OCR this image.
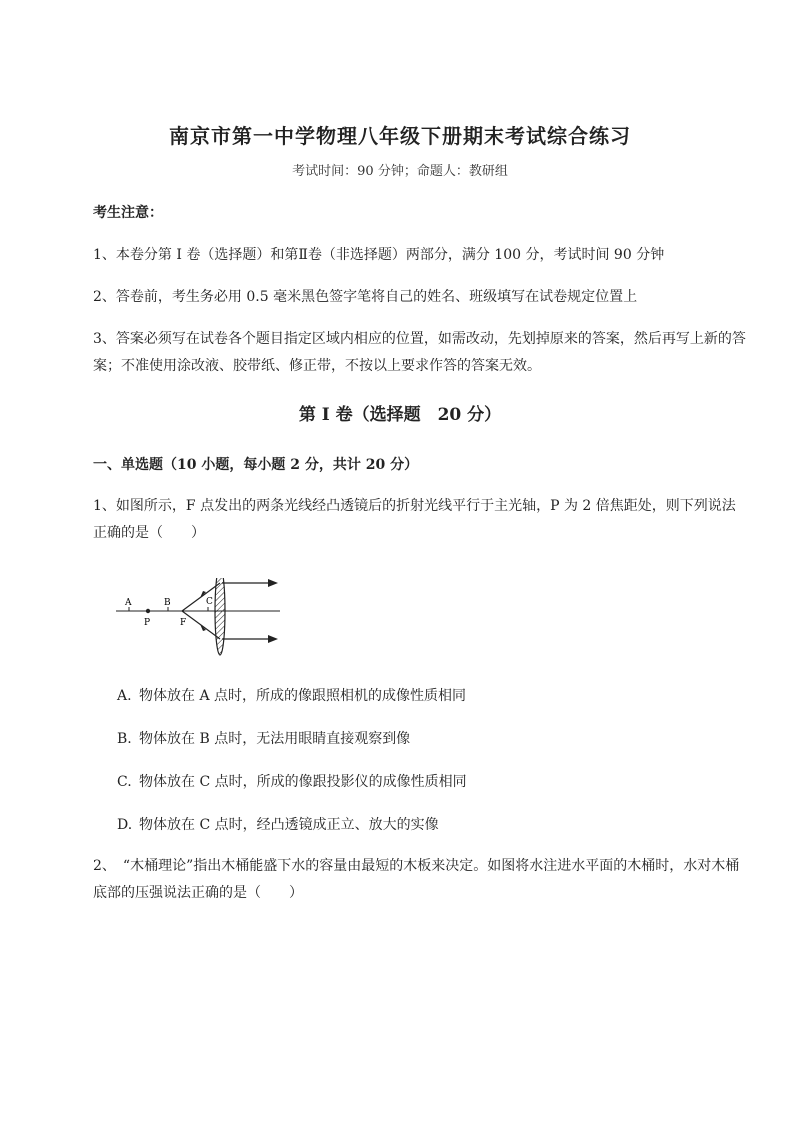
南京市第一中学物理八年级下册期末考试综合练习
考试时间：90 分钟；命题人：教研组
考生注意：
1、本卷分第 I 卷（选择题）和第Ⅱ卷（非选择题）两部分，满分 100 分，考试时间 90 分钟
2、答卷前，考生务必用 0.5 毫米黑色签字笔将自己的姓名、班级填写在试卷规定位置上
3、答案必须写在试卷各个题目指定区域内相应的位置，如需改动，先划掉原来的答案，然后再写上新的答案；不准使用涂改液、胶带纸、修正带，不按以上要求作答的答案无效。
第 I 卷（选择题　20 分）
一、单选题（10 小题，每小题 2 分，共计 20 分）
1、如图所示，F 点发出的两条光线经凸透镜后的折射光线平行于主光轴，P 为 2 倍焦距处，则下列说法正确的是（　　）
A	B	C
P	F
A. 物体放在 A 点时，所成的像跟照相机的成像性质相同
B. 物体放在 B 点时，无法用眼睛直接观察到像
C. 物体放在 C 点时，所成的像跟投影仪的成像性质相同
D. 物体放在 C 点时，经凸透镜成正立、放大的实像
2、　“木桶理论”指出木桶能盛下水的容量由最短的木板来决定。如图将水注进水平面的木桶时，水对木桶底部的压强说法正确的是（　　）
